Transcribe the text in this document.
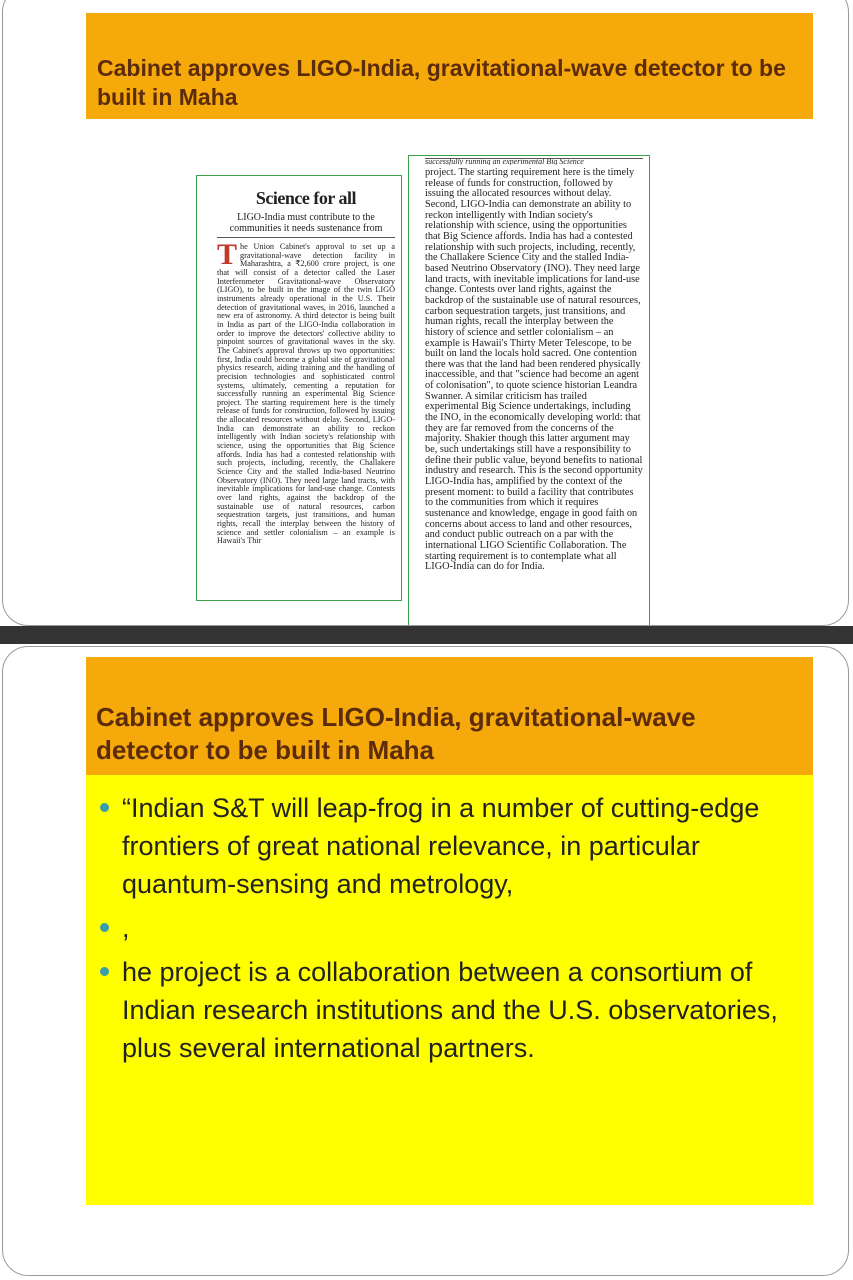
Cabinet approves LIGO-India, gravitational-wave detector to be built in Maha
Science for all
LIGO-India must contribute to the communities it needs sustenance from
The Union Cabinet's approval to set up a gravitational-wave detection facility in Maharashtra, a ₹2,600 crore project, is one that will consist of a detector called the Laser Interferometer Gravitational-wave Observatory (LIGO), to be built in the image of the twin LIGO instruments already operational in the U.S. Their detection of gravitational waves, in 2016, launched a new era of astronomy. A third detector is being built in India as part of the LIGO-India collaboration in order to improve the detectors' collective ability to pinpoint sources of gravitational waves in the sky. The Cabinet's approval throws up two opportunities: first, India could become a global site of gravitational physics research, aiding training and the handling of precision technologies and sophisticated control systems, ultimately, cementing a reputation for successfully running an experimental Big Science project. The starting requirement here is the timely release of funds for construction, followed by issuing the allocated resources without delay. Second, LIGO-India can demonstrate an ability to reckon intelligently with Indian society's relationship with science, using the opportunities that Big Science affords. India has had a contested relationship with such projects, including, recently, the Challakere Science City and the stalled India-based Neutrino Observatory (INO). They need large land tracts, with inevitable implications for land-use change. Contests over land rights, against the backdrop of the sustainable use of natural resources, carbon sequestration targets, just transitions, and human rights, recall the interplay between the history of science and settler colonialism – an example is Hawaii's Thir
successfully running an experimental Big Science
project. The starting requirement here is the timely release of funds for construction, followed by issuing the allocated resources without delay. Second, LIGO-India can demonstrate an ability to reckon intelligently with Indian society's relationship with science, using the opportunities that Big Science affords. India has had a contested relationship with such projects, including, recently, the Challakere Science City and the stalled India-based Neutrino Observatory (INO). They need large land tracts, with inevitable implications for land-use change. Contests over land rights, against the backdrop of the sustainable use of natural resources, carbon sequestration targets, just transitions, and human rights, recall the interplay between the history of science and settler colonialism – an example is Hawaii's Thirty Meter Telescope, to be built on land the locals hold sacred. One contention there was that the land had been rendered physically inaccessible, and that "science had become an agent of colonisation", to quote science historian Leandra Swanner. A similar criticism has trailed experimental Big Science undertakings, including the INO, in the economically developing world: that they are far removed from the concerns of the majority. Shakier though this latter argument may be, such undertakings still have a responsibility to define their public value, beyond benefits to national industry and research. This is the second opportunity LIGO-India has, amplified by the context of the present moment: to build a facility that contributes to the communities from which it requires sustenance and knowledge, engage in good faith on concerns about access to land and other resources, and conduct public outreach on a par with the international LIGO Scientific Collaboration. The starting requirement is to contemplate what all LIGO-India can do for India.
Cabinet approves LIGO-India, gravitational-wave detector to be built in Maha
“Indian S&T will leap-frog in a number of cutting-edge frontiers of great national relevance, in particular quantum-sensing and metrology,
,
he project is a collaboration between a consortium of Indian research institutions and the U.S. observatories, plus several international partners.
